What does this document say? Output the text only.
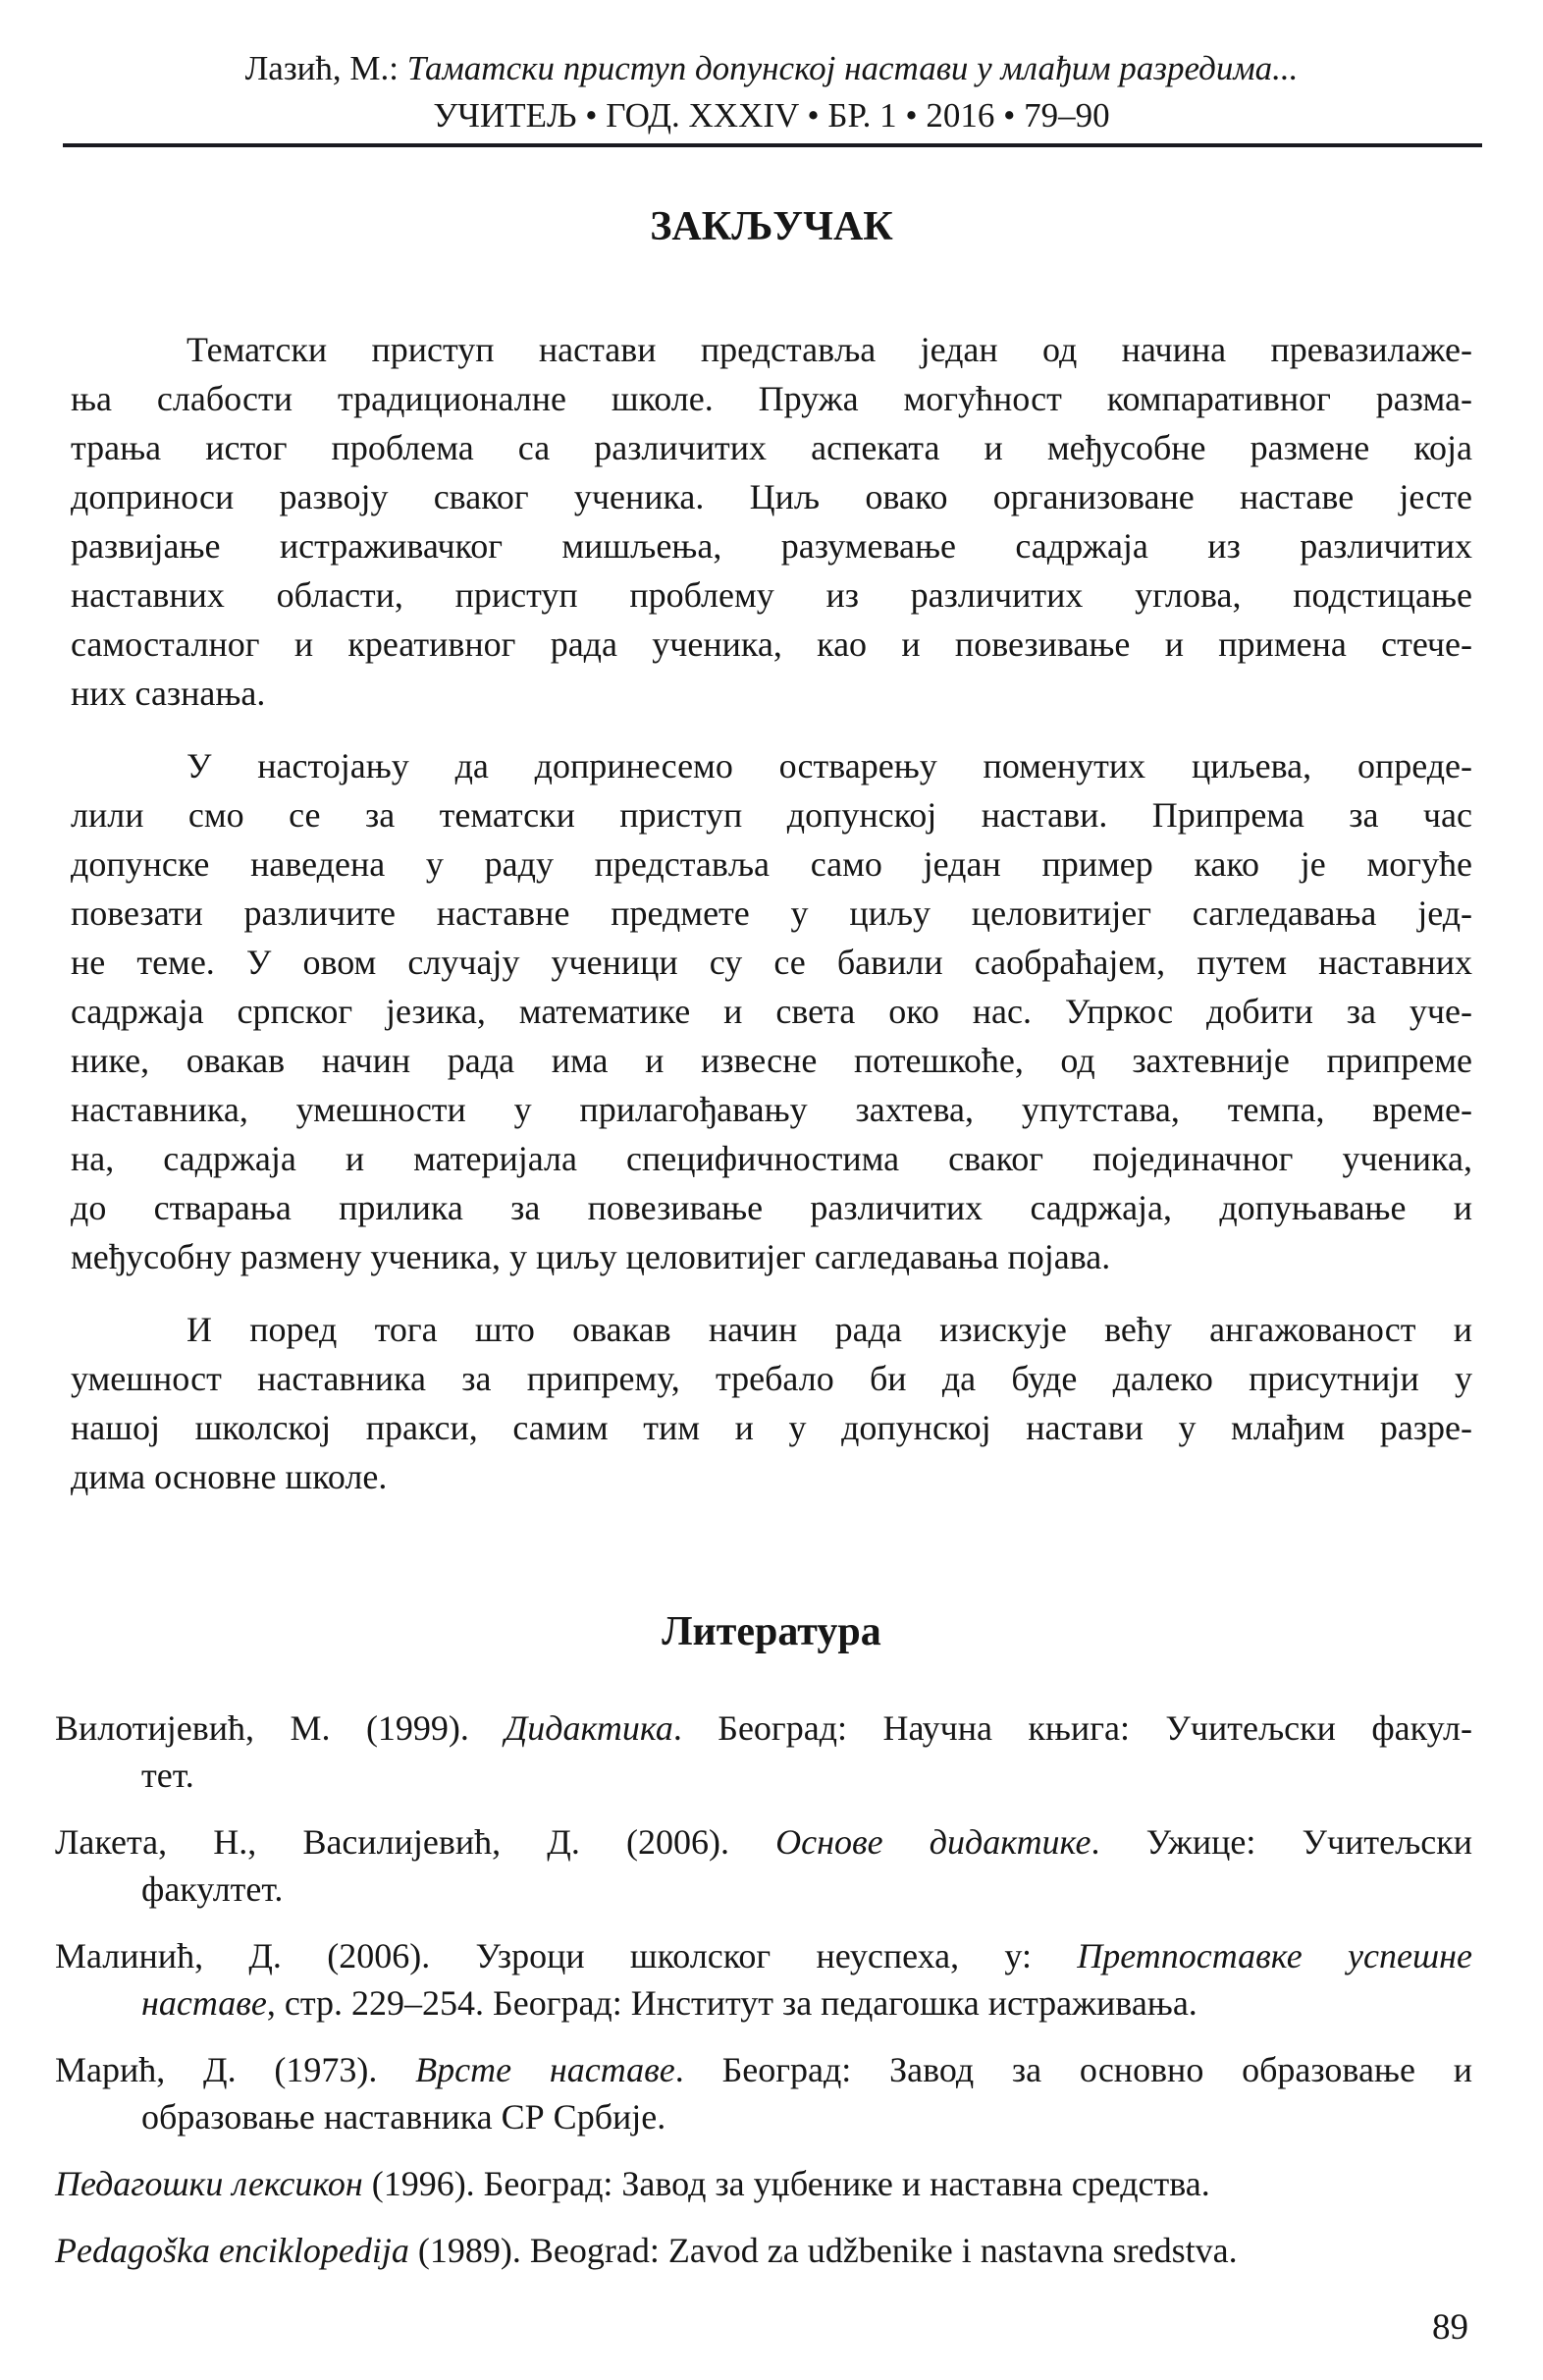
Лазић, М.: Таматски приступ допунској настави у млађим разредима...
УЧИТЕЉ • ГОД. XXXIV • БР. 1 • 2016 • 79–90
ЗАКЉУЧАК
Тематски приступ настави представља један од начина превазилаже-
ња слабости традиционалне школе. Пружа могућност компаративног разма-
трања истог проблема са различитих аспеката и међусобне размене која
доприноси развоју сваког ученика. Циљ овако организоване наставе јесте
развијање истраживачког мишљења, разумевање садржаја из различитих
наставних области, приступ проблему из различитих углова, подстицање
самосталног и креативног рада ученика, као и повезивање и примена стече-
них сазнања.
У настојању да допринесемо остварењу поменутих циљева, опреде-
лили смо се за тематски приступ допунској настави. Припрема за час
допунске наведена у раду представља само један пример како је могуће
повезати различите наставне предмете у циљу целовитијег сагледавања јед-
не теме. У овом случају ученици су се бавили саобраћајем, путем наставних
садржаја српског језика, математике и света око нас. Упркос добити за уче-
нике, овакав начин рада има и извесне потешкоће, од захтевније припреме
наставника, умешности у прилагођавању захтева, упутстава, темпа, време-
на, садржаја и материјала специфичностима сваког појединачног ученика,
до стварања прилика за повезивање различитих садржаја, допуњавање и
међусобну размену ученика, у циљу целовитијег сагледавања појава.
И поред тога што овакав начин рада изискује већу ангажованост и
умешност наставника за припрему, требало би да буде далеко присутнији у
нашој школској пракси, самим тим и у допунској настави у млађим разре-
дима основне школе.
Литература
Вилотијевић, М. (1999). Дидактика. Београд: Научна књига: Учитељски факул-
тет.
Лакета, Н., Василијевић, Д. (2006). Основе дидактике. Ужице: Учитељски
факултет.
Малинић, Д. (2006). Узроци школског неуспеха, у: Претпоставке успешне
наставе, стр. 229–254. Београд: Институт за педагошка истраживања.
Марић, Д. (1973). Врсте наставе. Београд: Завод за основно образовање и
образовање наставника СР Србије.
Педагошки лексикон (1996). Београд: Завод за уџбенике и наставна средства.
Pedagoška enciklopedija (1989). Beograd: Zavod za udžbenike i nastavna sredstva.
89
